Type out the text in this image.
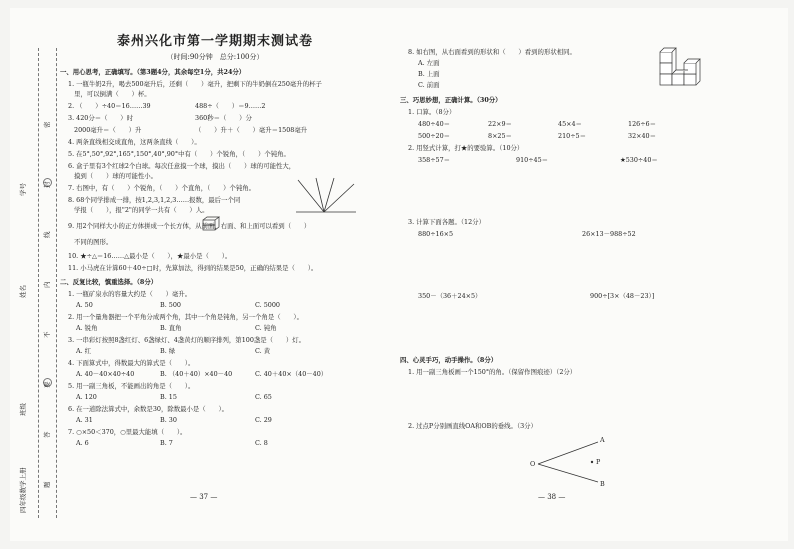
学号
姓名
班级
四年级数学上册
密
封
线
内
不
要
答
题
泰州兴化市第一学期期末测试卷
（时间:90分钟　总分:100分）
一、用心思考，正确填写。（第3题4分，其余每空1分，共24分）
1. 一瓶牛奶2升，喝去500毫升后，还剩（　　）毫升，把剩下的牛奶倒在250毫升的杯子
里，可以倒满（　　）杯。
2. （　　）÷40＝16……39	488÷（　　）＝9……2
3. 420分＝（　　）时	360秒＝（　　）分
2000毫升＝（　　）升	（　　）升＋（　　）毫升＝1508毫升
4. 两条直线相交成直角，这两条直线（　　）。
5. 在5°,50°,92°,165°,150°,40°,90°中有（　　）个锐角，（　　）个钝角。
6. 盒子里有3个红球2个白球。每次任意摸一个球，摸出（　　）球的可能性大，
摸到（　　）球的可能性小。
7. 右图中，有（　　）个锐角，（　　）个直角，（　　）个钝角。
8. 68个同学排成一排，按1,2,3,1,2,3……报数，最后一个同
学报（　　），报"2"的同学一共有（　　）人。
9. 用2个同样大小的正方体拼成一个长方体，从前面、右面、和上面可以看到（　　）
不同的图形。
10. ★÷△＝16……△最小是（　　），★最小是（　　）。
11. 小马虎在计算60＋40÷□时，先算加法，得到的结果是50，正确的结果是（　　）。
二、反复比较，慎重选择。（8分）
1. 一瓶矿泉水的容量大约是（　　）毫升。
A. 50	B. 500	C. 5000
2. 用一个量角器把一个平角分成两个角，其中一个角是钝角，另一个角是（　　）。
A. 锐角	B. 直角	C. 钝角
3. 一串彩灯按照8盏红灯、6盏绿灯、4盏黄灯的顺序排列，第100盏是（　　）灯。
A. 红	B. 绿	C. 黄
4. 下面算式中，得数最大的算式是（　　）。
A. 40－40×40÷40	B. （40＋40）×40－40	C. 40＋40×（40－40）
5. 用一副三角板，不能画出的角是（　　）。
A. 120	B. 15	C. 65
6. 在一道除法算式中，余数是30，除数最小是（　　）。
A. 31	B. 30	C. 29
7. ○×50＜370，○里最大能填（　　）。
A. 6	B. 7	C. 8
— 37 —
8. 如右图，从右面看到的形状和（　　）看到的形状相同。
A. 左面
B. 上面
C. 前面
三、巧思妙想，正确计算。（30分）
1. 口算。（8分）
480÷40＝	22×9＝	45×4＝	126÷6＝
500÷20＝	8×25＝	210÷5＝	32×40＝
2. 用竖式计算，打★的要验算。（10分）
358÷57＝	910÷45＝	★530÷40＝
3. 计算下面各题。（12分）
880÷16×5	26×13－988÷52
350－（36＋24×5）	900÷[3×（48－23）]
四、心灵手巧，动手操作。（8分）
1. 用一副三角板画一个150°的角。（保留作图痕迹）（2分）
2. 过点P分别画直线OA和OB的垂线。（3分）
A
O	P
B
— 38 —
